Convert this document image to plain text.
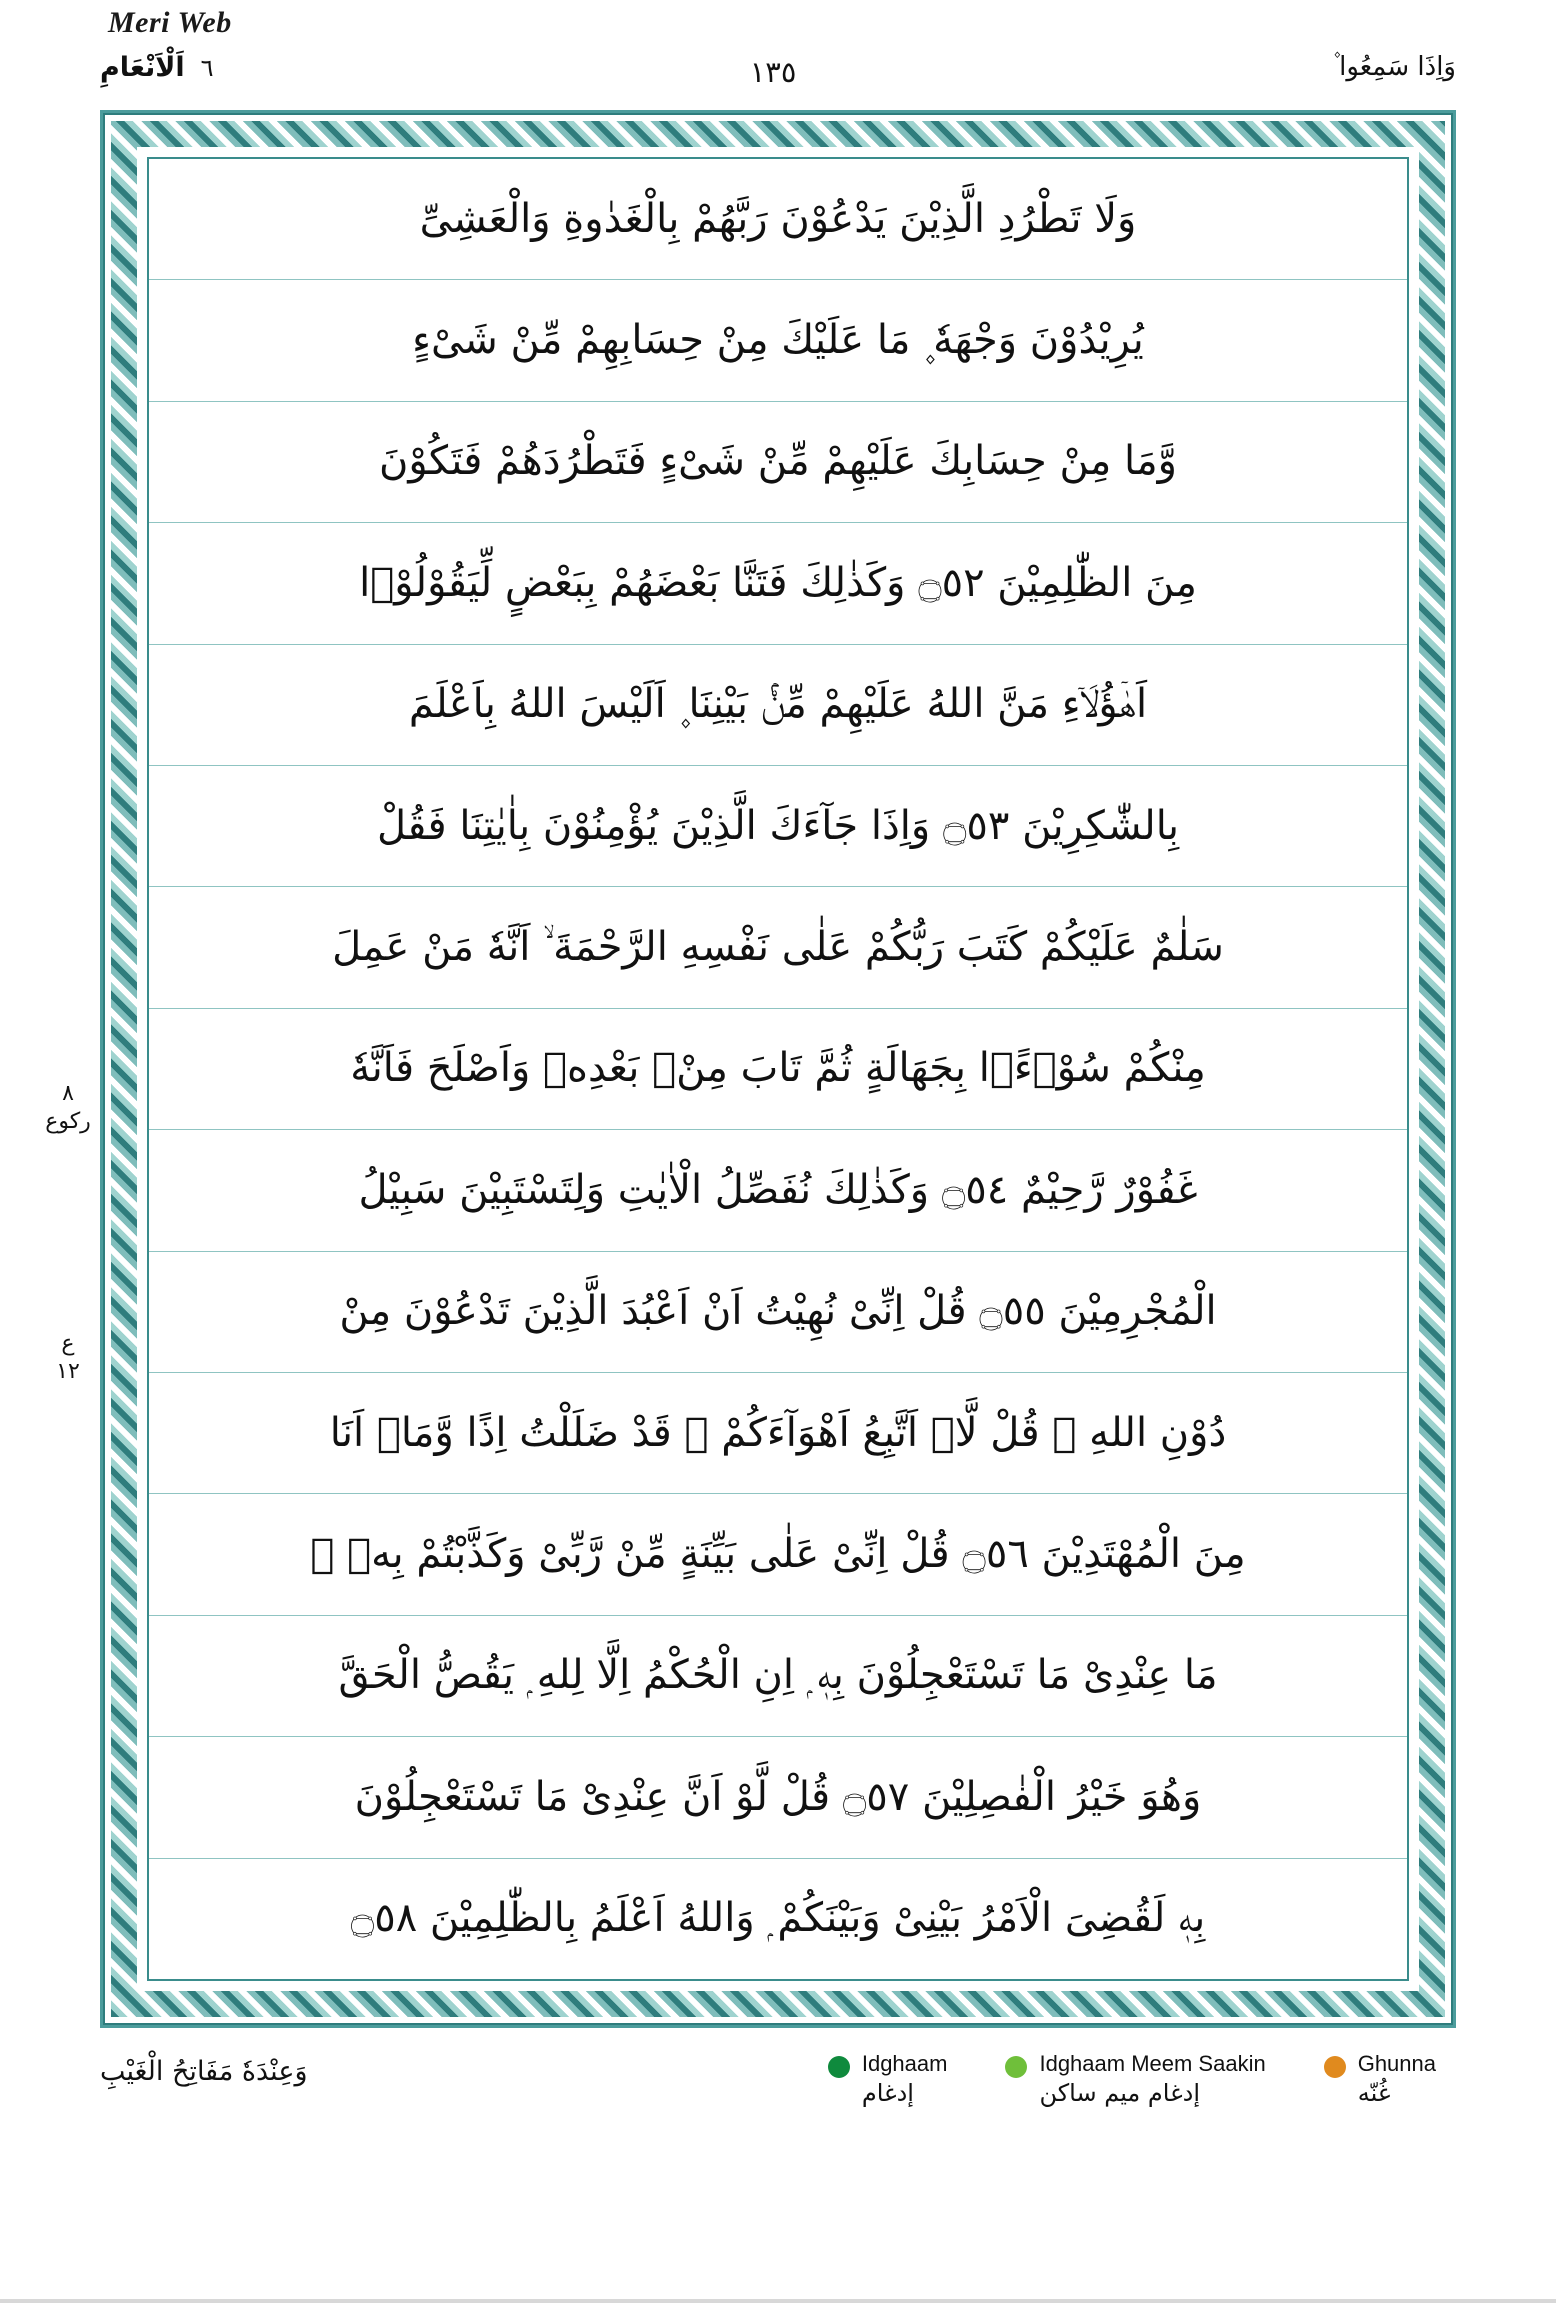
Meri Web
٦
اَلْاَنْعَامِ	١٣٥	وَاِذَا سَمِعُوا ۫
٨
رکوع
ع
١٢
وَلَا تَطْرُدِ الَّذِيْنَ يَدْعُوْنَ رَبَّهُمْ بِالْغَدٰوةِ وَالْعَشِىِّ
يُرِيْدُوْنَ وَجْهَهٗ ۪ مَا عَلَيْكَ مِنْ حِسَابِهِمْ مِّنْ شَىْءٍ
وَّمَا مِنْ حِسَابِكَ عَلَيْهِمْ مِّنْ شَىْءٍ فَتَطْرُدَهُمْ فَتَكُوْنَ
مِنَ الظّٰلِمِيْنَ ۝٥٢ وَكَذٰلِكَ فَتَنَّا بَعْضَهُمْ بِبَعْضٍ لِّيَقُوْلُوْۤا
اَهٰۤؤُلَاۤءِ مَنَّ اللهُ عَلَيْهِمْ مِّنْۢ بَيْنِنَا ۪ اَلَيْسَ اللهُ بِاَعْلَمَ
بِالشّٰكِرِيْنَ ۝٥٣ وَاِذَا جَآءَكَ الَّذِيْنَ يُؤْمِنُوْنَ بِاٰيٰتِنَا فَقُلْ
سَلٰمٌ عَلَيْكُمْ كَتَبَ رَبُّكُمْ عَلٰى نَفْسِهِ الرَّحْمَةَ ۙ اَنَّهٗ مَنْ عَمِلَ
مِنْكُمْ سُوْۤءًۢا بِجَهَالَةٍ ثُمَّ تَابَ مِنْۢ بَعْدِهٖ وَاَصْلَحَ فَاَنَّهٗ
غَفُوْرٌ رَّحِيْمٌ ۝٥٤ وَكَذٰلِكَ نُفَصِّلُ الْاٰيٰتِ وَلِتَسْتَبِيْنَ سَبِيْلُ
الْمُجْرِمِيْنَ ۝٥٥ قُلْ اِنِّىْ نُهِيْتُ اَنْ اَعْبُدَ الَّذِيْنَ تَدْعُوْنَ مِنْ
دُوْنِ اللهِ ۫ قُلْ لَّاۤ اَتَّبِعُ اَهْوَآءَكُمْ ۙ قَدْ ضَلَلْتُ اِذًا وَّمَاۤ اَنَا
مِنَ الْمُهْتَدِيْنَ ۝٥٦ قُلْ اِنِّىْ عَلٰى بَيِّنَةٍ مِّنْ رَّبِّىْ وَكَذَّبْتُمْ بِهٖ ۪
مَا عِنْدِىْ مَا تَسْتَعْجِلُوْنَ بِهٖ ۭ اِنِ الْحُكْمُ اِلَّا لِلهِ ۭ يَقُصُّ الْحَقَّ
وَهُوَ خَيْرُ الْفٰصِلِيْنَ ۝٥٧ قُلْ لَّوْ اَنَّ عِنْدِىْ مَا تَسْتَعْجِلُوْنَ
بِهٖ لَقُضِىَ الْاَمْرُ بَيْنِىْ وَبَيْنَكُمْ ۭ وَاللهُ اَعْلَمُ بِالظّٰلِمِيْنَ ۝٥٨
وَعِنْدَهٗ مَفَاتِحُ الْغَيْبِ	Idghaam
إدغام
Idghaam Meem Saakin
إدغام ميم ساكن
Ghunna
غُنّه
